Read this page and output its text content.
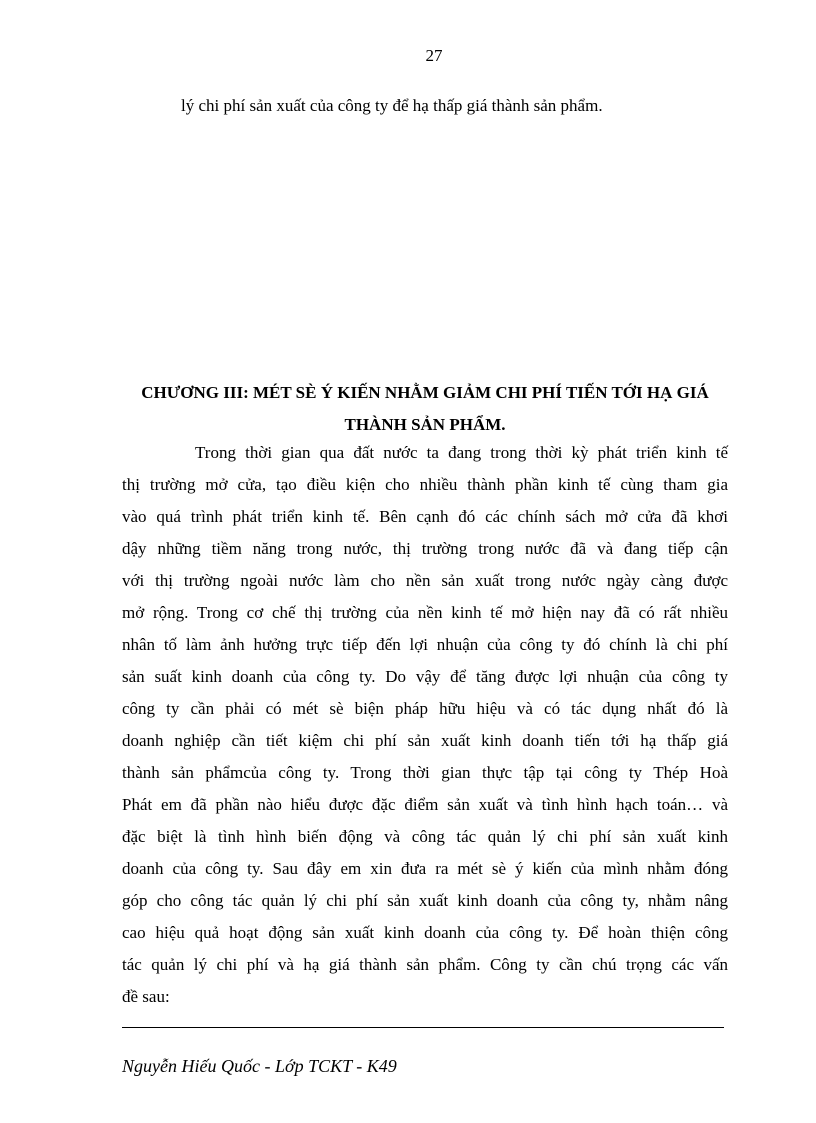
27
lý chi phí sản xuất của công ty để hạ thấp giá thành sản phẩm.
CHƯƠNG III: MÉT SÈ Ý KIẾN NHẰM GIẢM CHI PHÍ TIẾN TỚI HẠ GIÁ THÀNH SẢN PHẨM.
Trong thời gian qua đất nước ta đang trong thời kỳ phát triển kinh tế
thị trường mở cửa, tạo điều kiện cho nhiều thành phần kinh tế cùng tham gia
vào quá trình phát triển kinh tế. Bên cạnh đó các chính sách mở cửa đã khơi
dậy những tiềm năng trong nước, thị trường trong nước đã và đang tiếp cận
với thị trường ngoài nước làm cho nền sản xuất trong nước ngày càng được
mở rộng. Trong cơ chế thị trường của nền kinh tế mở hiện nay đã có rất nhiều
nhân tố làm ảnh hưởng trực tiếp đến lợi nhuận của công ty đó chính là chi phí
sản suất kinh doanh của công ty. Do vậy để tăng được lợi nhuận của công ty
công ty cần phải có mét sè biện pháp hữu hiệu và có tác dụng nhất đó là
doanh nghiệp cần tiết kiệm chi phí sản xuất kinh doanh tiến tới hạ thấp giá
thành sản phẩmcủa công ty. Trong thời gian thực tập tại công ty Thép Hoà
Phát em đã phần nào hiểu được đặc điểm sản xuất và tình hình hạch toán… và
đặc biệt là tình hình biến động và công tác quản lý chi phí sản xuất kinh
doanh của công ty. Sau đây em xin đưa ra mét sè ý kiến của mình nhằm đóng
góp cho công tác quản lý chi phí sản xuất kinh doanh của công ty, nhằm nâng
cao hiệu quả hoạt động sản xuất kinh doanh của công ty. Để hoàn thiện công
tác quản lý chi phí và hạ giá thành sản phẩm. Công ty cần chú trọng các vấn
đề sau:
Nguyễn Hiếu Quốc - Lớp TCKT - K49
